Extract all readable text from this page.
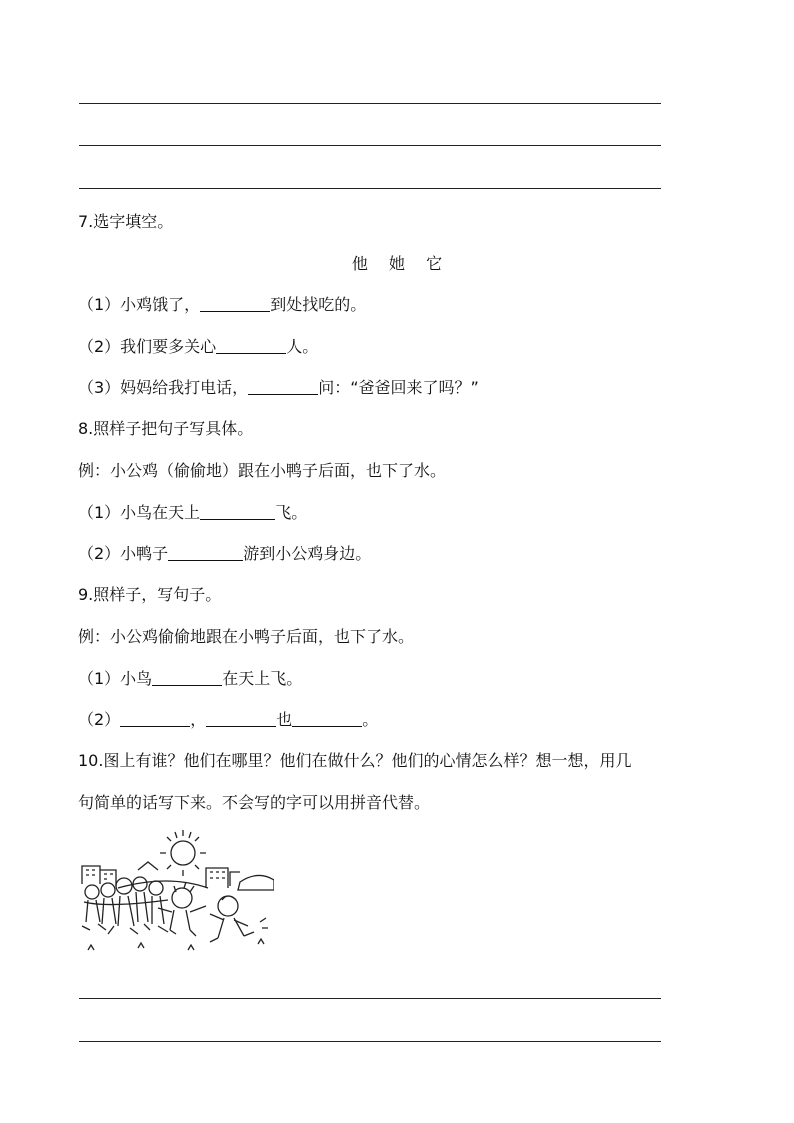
7.选字填空。
他 她 它
（1）小鸡饿了，	到处找吃的。
（2）我们要多关心	人。
（3）妈妈给我打电话，	问：“爸爸回来了吗？”
8.照样子把句子写具体。
例：小公鸡（偷偷地）跟在小鸭子后面，也下了水。
（1）小鸟在天上	飞。
（2）小鸭子	游到小公鸡身边。
9.照样子，写句子。
例：小公鸡偷偷地跟在小鸭子后面，也下了水。
（1）小鸟	在天上飞。
（2）	，	也	。
10.图上有谁？他们在哪里？他们在做什么？他们的心情怎么样？想一想，用几
句简单的话写下来。不会写的字可以用拼音代替。
